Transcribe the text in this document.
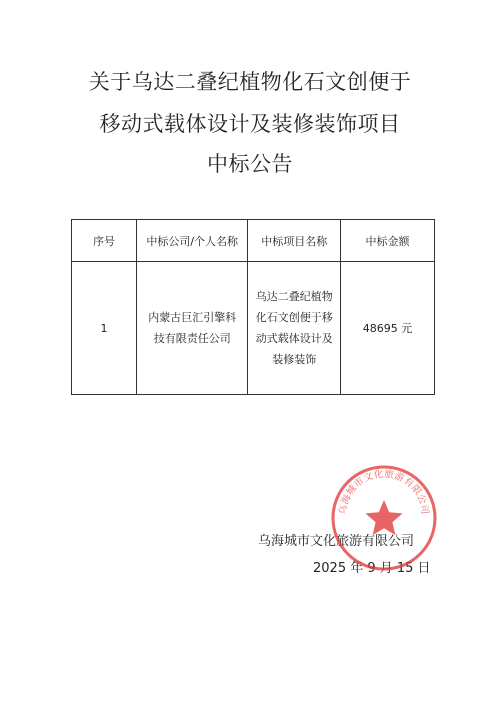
关于乌达二叠纪植物化石文创便于
移动式载体设计及装修装饰项目
中标公告
序号	中标公司/个人名称	中标项目名称	中标金额
1	内蒙古巨汇引擎科技有限责任公司	乌达二叠纪植物化石文创便于移动式载体设计及装修装饰	48695 元
乌海城市文化旅游有限公司
2025 年 9 月 15 日
乌海城市文化旅游有限公司
